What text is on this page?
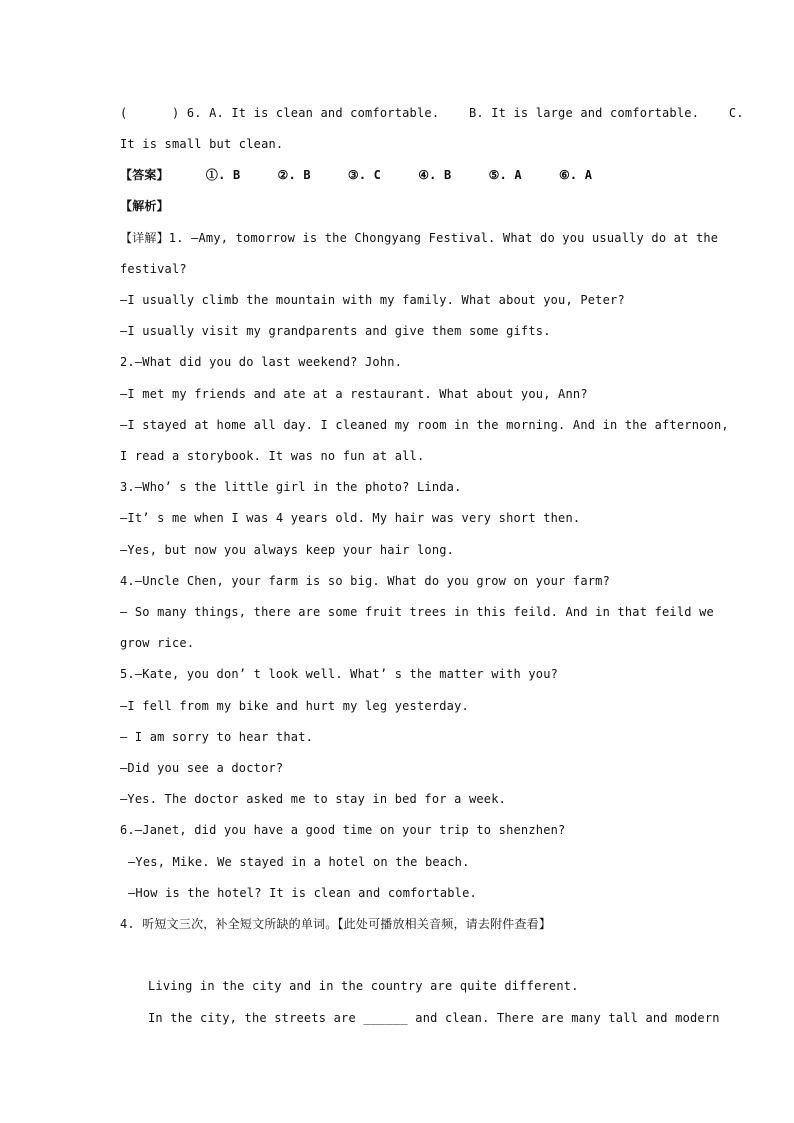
(      ) 6. A. It is clean and comfortable.    B. It is large and comfortable.    C.
It is small but clean.
【答案】     ①. B     ②. B     ③. C     ④. B     ⑤. A     ⑥. A
【解析】
【详解】1. —Amy, tomorrow is the Chongyang Festival. What do you usually do at the
festival?
—I usually climb the mountain with my family. What about you, Peter?
—I usually visit my grandparents and give them some gifts.
2.—What did you do last weekend? John.
—I met my friends and ate at a restaurant. What about you, Ann?
—I stayed at home all day. I cleaned my room in the morning. And in the afternoon,
I read a storybook. It was no fun at all.
3.—Who’ s the little girl in the photo? Linda.
—It’ s me when I was 4 years old. My hair was very short then.
—Yes, but now you always keep your hair long.
4.—Uncle Chen, your farm is so big. What do you grow on your farm?
— So many things, there are some fruit trees in this feild. And in that feild we
grow rice.
5.—Kate, you don’ t look well. What’ s the matter with you?
—I fell from my bike and hurt my leg yesterday.
— I am sorry to hear that.
—Did you see a doctor?
—Yes. The doctor asked me to stay in bed for a week.
6.—Janet, did you have a good time on your trip to shenzhen?
—Yes, Mike. We stayed in a hotel on the beach.
—How is the hotel? It is clean and comfortable.
4. 听短文三次，补全短文所缺的单词。【此处可播放相关音频，请去附件查看】
Living in the city and in the country are quite different.
In the city, the streets are ______ and clean. There are many tall and modern
